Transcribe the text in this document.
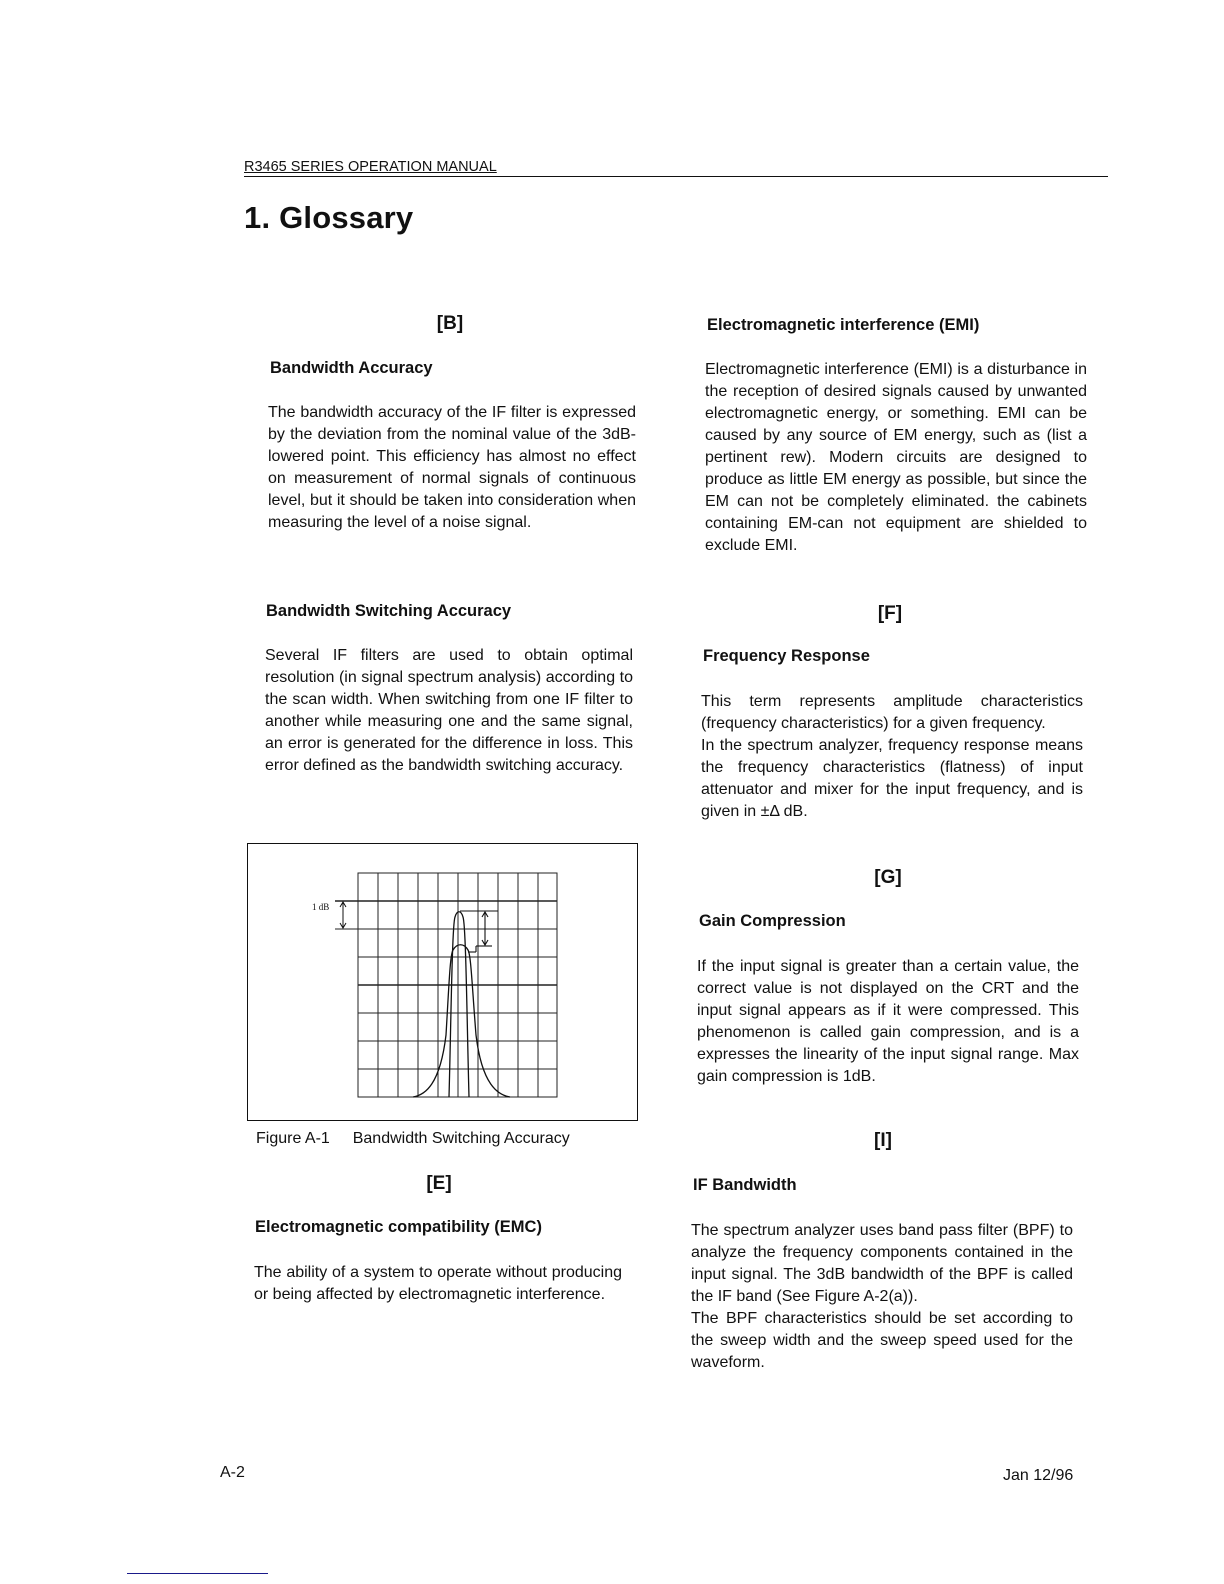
R3465 SERIES OPERATION MANUAL
1. Glossary
[B]
Bandwidth Accuracy

The bandwidth accuracy of the IF filter is expressed by the deviation from the nominal value of the 3dB-lowered point. This efficiency has almost no effect on measurement of normal signals of continuous level, but it should be taken into consideration when measuring the level of a noise signal.

Bandwidth Switching Accuracy

Several IF filters are used to obtain optimal resolution (in signal spectrum analysis) according to the scan width. When switching from one IF filter to another while measuring one and the same signal, an error is generated for the difference in loss. This error defined as the bandwidth switching accuracy.

1 dB
Figure A-1 Bandwidth Switching Accuracy
[E]
Electromagnetic compatibility (EMC)

The ability of a system to operate without producing or being affected by electromagnetic interference.

Electromagnetic interference (EMI)

Electromagnetic interference (EMI) is a disturbance in the reception of desired signals caused by unwanted electromagnetic energy, or something. EMI can be caused by any source of EM energy, such as (list a pertinent rew). Modern circuits are designed to produce as little EM energy as possible, but since the EM can not be completely eliminated. the cabinets containing EM-can not equipment are shielded to exclude EMI.

[F]
Frequency Response

This term represents amplitude characteristics (frequency characteristics) for a given frequency.

In the spectrum analyzer, frequency response means the frequency characteristics (flatness) of input attenuator and mixer for the input frequency, and is given in ±Δ dB.

[G]
Gain Compression

If the input signal is greater than a certain value, the correct value is not displayed on the CRT and the input signal appears as if it were compressed. This phenomenon is called gain compression, and is a expresses the linearity of the input signal range. Max gain compression is 1dB.

[I]
IF Bandwidth

The spectrum analyzer uses band pass filter (BPF) to analyze the frequency components contained in the input signal. The 3dB bandwidth of the BPF is called the IF band (See Figure A-2(a)).

The BPF characteristics should be set according to the sweep width and the sweep speed used for the waveform.

A-2	Jan 12/96
